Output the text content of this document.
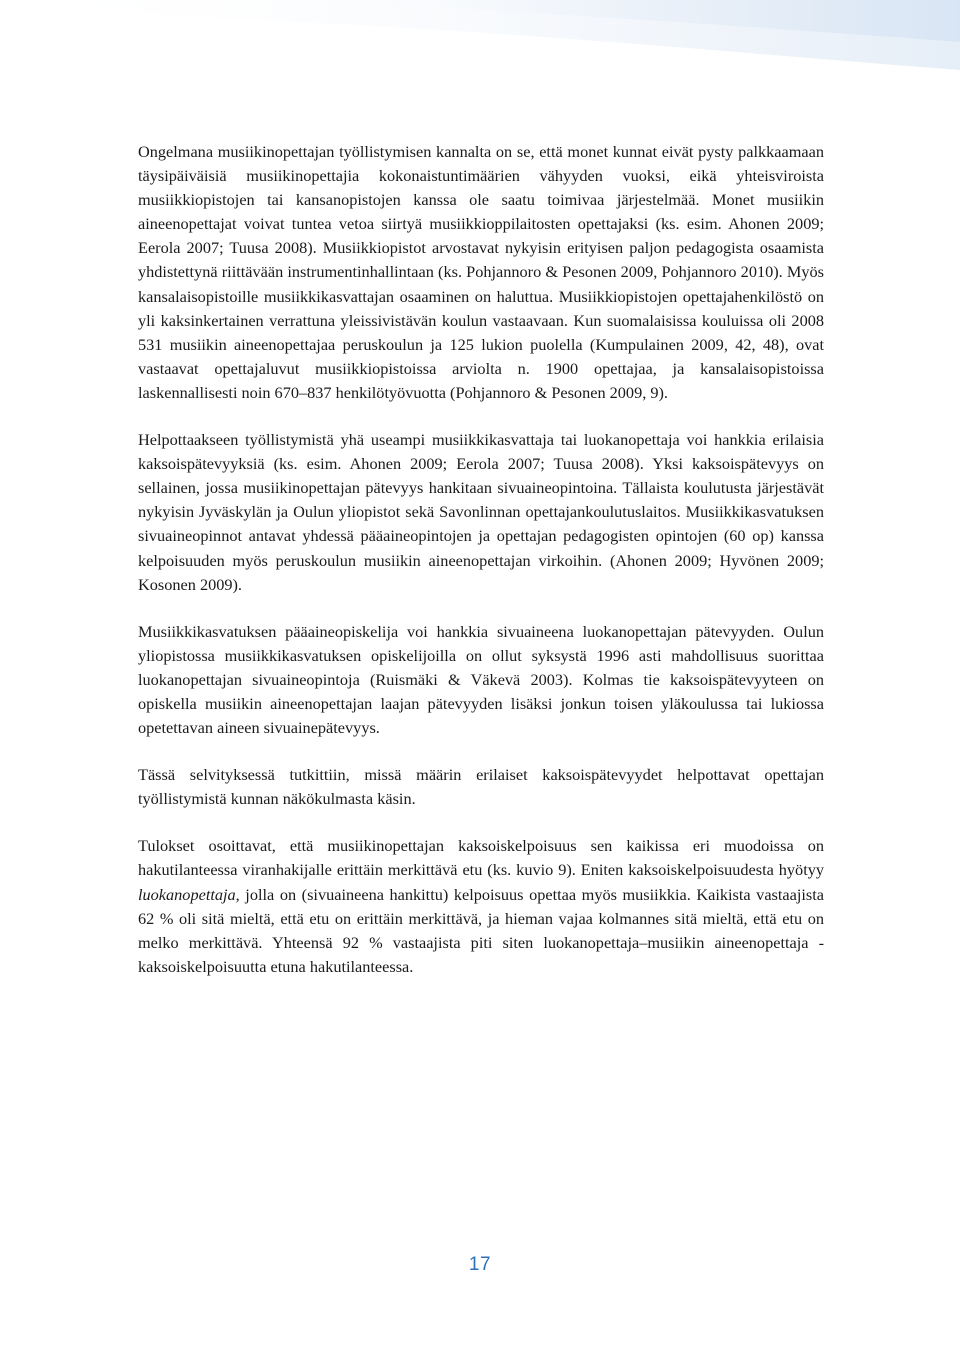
Ongelmana musiikinopettajan työllistymisen kannalta on se, että monet kunnat eivät pysty palkkaamaan täysipäiväisiä musiikinopettajia kokonaistuntimäärien vähyyden vuoksi, eikä yhteisviroista musiikkiopistojen tai kansanopistojen kanssa ole saatu toimivaa järjestelmää. Monet musiikin aineenopettajat voivat tuntea vetoa siirtyä musiikkioppilaitosten opettajaksi (ks. esim. Ahonen 2009; Eerola 2007; Tuusa 2008). Musiikkiopistot arvostavat nykyisin erityisen paljon pedagogista osaamista yhdistettynä riittävään instrumentinhallintaan (ks. Pohjannoro & Pesonen 2009, Pohjannoro 2010). Myös kansalaisopistoille musiikkikasvattajan osaaminen on haluttua. Musiikkiopistojen opettajahenkilöstö on yli kaksinkertainen verrattuna yleissivistävän koulun vastaavaan. Kun suomalaisissa kouluissa oli 2008 531 musiikin aineenopettajaa peruskoulun ja 125 lukion puolella (Kumpulainen 2009, 42, 48), ovat vastaavat opettajaluvut musiikkiopistoissa arviolta n. 1900 opettajaa, ja kansalaisopistoissa laskennallisesti noin 670–837 henkilötyövuotta (Pohjannoro & Pesonen 2009, 9).

Helpottaakseen työllistymistä yhä useampi musiikkikasvattaja tai luokanopettaja voi hankkia erilaisia kaksoispätevyyksiä (ks. esim. Ahonen 2009; Eerola 2007; Tuusa 2008). Yksi kaksoispätevyys on sellainen, jossa musiikinopettajan pätevyys hankitaan sivuaineopintoina. Tällaista koulutusta järjestävät nykyisin Jyväskylän ja Oulun yliopistot sekä Savonlinnan opettajankoulutuslaitos. Musiikkikasvatuksen sivuaineopinnot antavat yhdessä pääaineopintojen ja opettajan pedagogisten opintojen (60 op) kanssa kelpoisuuden myös peruskoulun musiikin aineenopettajan virkoihin. (Ahonen 2009; Hyvönen 2009; Kosonen 2009).

Musiikkikasvatuksen pääaineopiskelija voi hankkia sivuaineena luokanopettajan pätevyyden. Oulun yliopistossa musiikkikasvatuksen opiskelijoilla on ollut syksystä 1996 asti mahdollisuus suorittaa luokanopettajan sivuaineopintoja (Ruismäki & Väkevä 2003). Kolmas tie kaksoispätevyyteen on opiskella musiikin aineenopettajan laajan pätevyyden lisäksi jonkun toisen yläkoulussa tai lukiossa opetettavan aineen sivuainepätevyys.

Tässä selvityksessä tutkittiin, missä määrin erilaiset kaksoispätevyydet helpottavat opettajan työllistymistä kunnan näkökulmasta käsin.

Tulokset osoittavat, että musiikinopettajan kaksoiskelpoisuus sen kaikissa eri muodoissa on hakutilanteessa viranhakijalle erittäin merkittävä etu (ks. kuvio 9). Eniten kaksoiskelpoisuudesta hyötyy luokanopettaja, jolla on (sivuaineena hankittu) kelpoisuus opettaa myös musiikkia. Kaikista vastaajista 62 % oli sitä mieltä, että etu on erittäin merkittävä, ja hieman vajaa kolmannes sitä mieltä, että etu on melko merkittävä. Yhteensä 92 % vastaajista piti siten luokanopettaja–musiikin aineenopettaja -kaksoiskelpoisuutta etuna hakutilanteessa.

17
